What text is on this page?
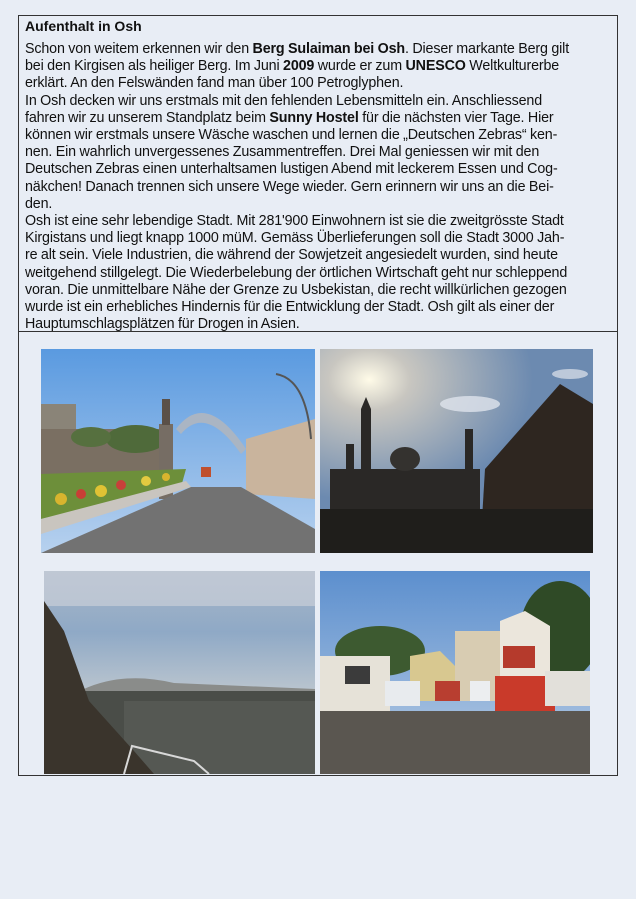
Aufenthalt in Osh
Schon von weitem erkennen wir den Berg Sulaiman bei Osh. Dieser markante Berg gilt
bei den Kirgisen als heiliger Berg. Im Juni 2009 wurde er zum UNESCO Weltkulturerbe
erklärt. An den Felswänden fand man über 100 Petroglyphen.
In Osh decken wir uns erstmals mit den fehlenden Lebensmitteln ein. Anschliessend
fahren wir zu unserem Standplatz beim Sunny Hostel für die nächsten vier Tage. Hier
können wir erstmals unsere Wäsche waschen und lernen die „Deutschen Zebras“ ken-
nen. Ein wahrlich unvergessenes Zusammentreffen. Drei Mal geniessen wir mit den
Deutschen Zebras einen unterhaltsamen lustigen Abend mit leckerem Essen und Cog-
näkchen! Danach trennen sich unsere Wege wieder. Gern erinnern wir uns an die Bei-
den.
Osh ist eine sehr lebendige Stadt. Mit 281'900 Einwohnern ist sie die zweitgrösste Stadt
Kirgistans und liegt knapp 1000 müM. Gemäss Überlieferungen soll die Stadt 3000 Jah-
re alt sein. Viele Industrien, die während der Sowjetzeit angesiedelt wurden, sind heute
weitgehend stillgelegt. Die Wiederbelebung der örtlichen Wirtschaft geht nur schleppend
voran. Die unmittelbare Nähe der Grenze zu Usbekistan, die recht willkürlichen gezogen
wurde ist ein erhebliches Hindernis für die Entwicklung der Stadt. Osh gilt als einer der
Hauptumschlagsplätzen für Drogen in Asien.
